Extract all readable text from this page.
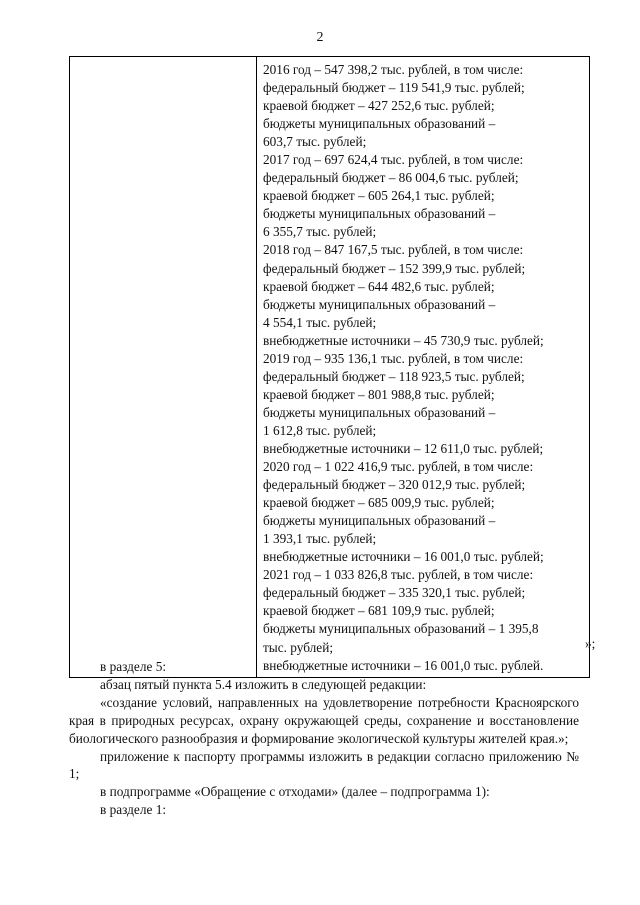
2

2016 год – 547 398,2 тыс. рублей, в том числе:
федеральный бюджет – 119 541,9 тыс. рублей;
краевой бюджет – 427 252,6 тыс. рублей;
бюджеты муниципальных образований –
603,7 тыс. рублей;
2017 год – 697 624,4 тыс. рублей, в том числе:
федеральный бюджет – 86 004,6 тыс. рублей;
краевой бюджет – 605 264,1 тыс. рублей;
бюджеты муниципальных образований –
6 355,7 тыс. рублей;
2018 год – 847 167,5 тыс. рублей, в том числе:
федеральный бюджет – 152 399,9 тыс. рублей;
краевой бюджет – 644 482,6 тыс. рублей;
бюджеты муниципальных образований –
4 554,1 тыс. рублей;
внебюджетные источники – 45 730,9 тыс. рублей;
2019 год – 935 136,1 тыс. рублей, в том числе:
федеральный бюджет – 118 923,5 тыс. рублей;
краевой бюджет – 801 988,8 тыс. рублей;
бюджеты муниципальных образований –
1 612,8 тыс. рублей;
внебюджетные источники – 12 611,0 тыс. рублей;
2020 год – 1 022 416,9 тыс. рублей, в том числе:
федеральный бюджет – 320 012,9 тыс. рублей;
краевой бюджет – 685 009,9 тыс. рублей;
бюджеты муниципальных образований –
1 393,1 тыс. рублей;
внебюджетные источники – 16 001,0 тыс. рублей;
2021 год – 1 033 826,8 тыс. рублей, в том числе:
федеральный бюджет – 335 320,1 тыс. рублей;
краевой бюджет – 681 109,9 тыс. рублей;
бюджеты муниципальных образований – 1 395,8
тыс. рублей;
внебюджетные источники – 16 001,0 тыс. рублей.
»;

в разделе 5:

абзац пятый пункта 5.4 изложить в следующей редакции:

«создание условий, направленных на удовлетворение потребности Красноярского края в природных ресурсах, охрану окружающей среды, сохранение и восстановление биологического разнообразия и формирование экологической культуры жителей края.»;

приложение к паспорту программы изложить в редакции согласно приложению № 1;

в подпрограмме «Обращение с отходами» (далее – подпрограмма 1):

в разделе 1:
